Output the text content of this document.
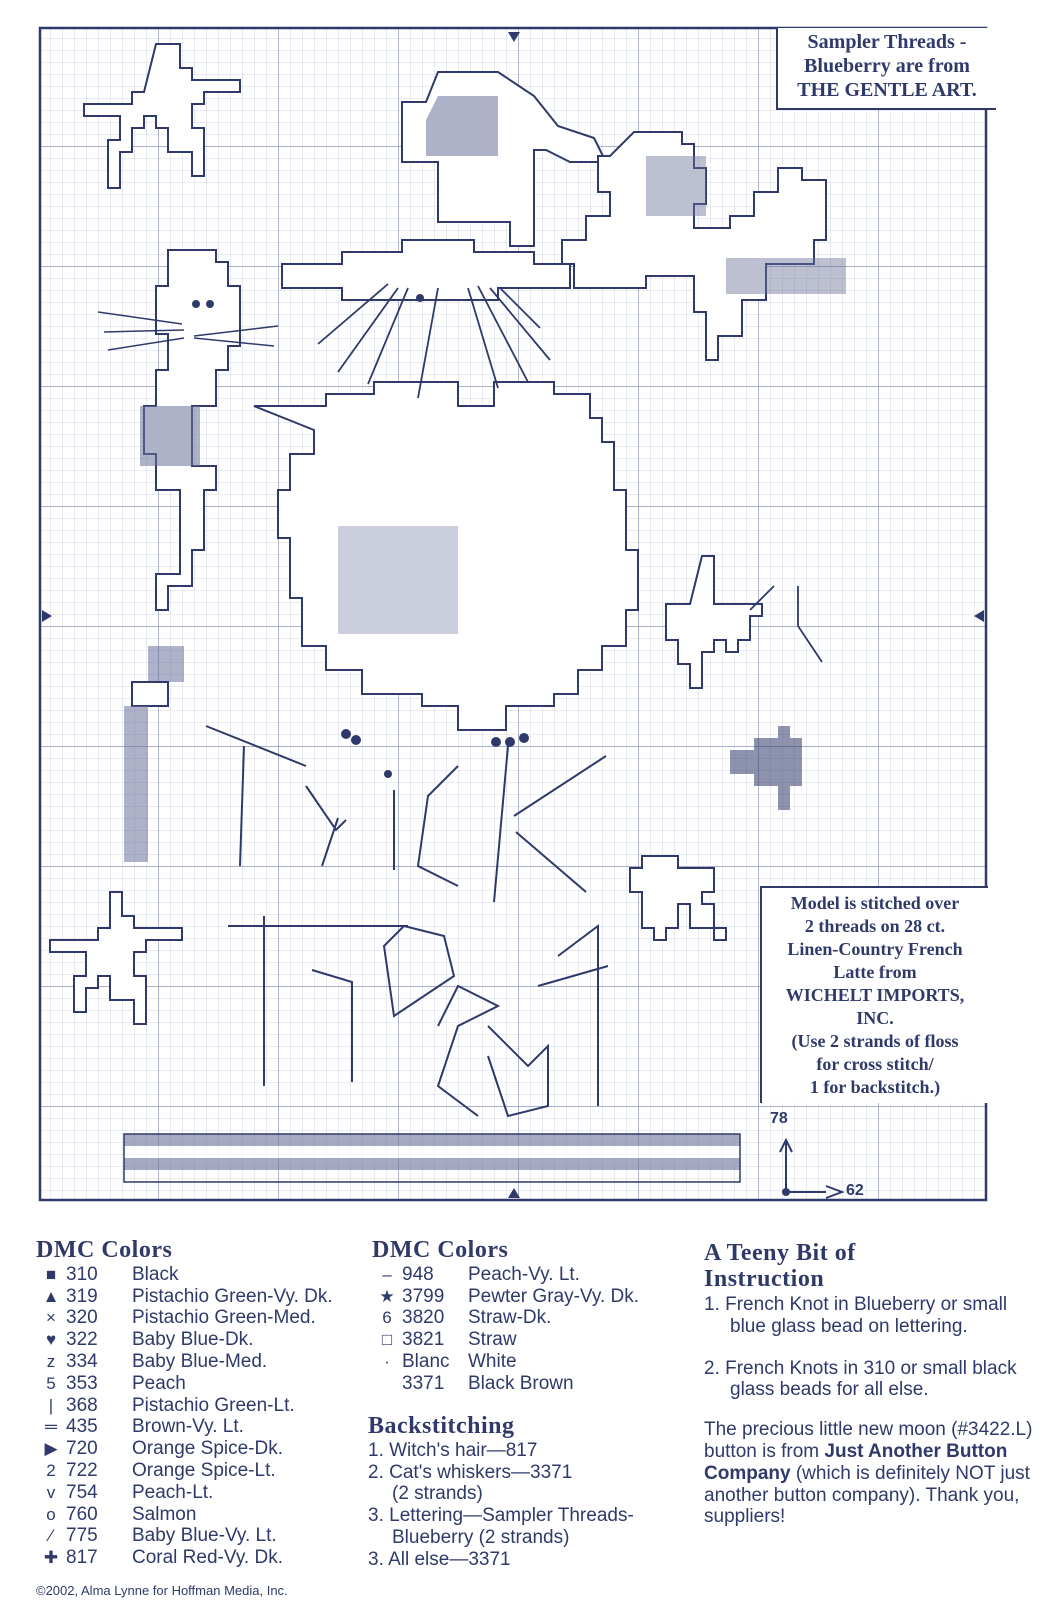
Sampler Threads -
Blueberry are from
THE GENTLE ART.
Model is stitched over
2 threads on 28 ct.
Linen-Country French
Latte from
WICHELT IMPORTS,
INC.
(Use 2 strands of floss
for cross stitch/
1 for backstitch.)
78
62
DMC Colors
■ 310	Black
▲ 319	Pistachio Green-Vy. Dk.
× 320	Pistachio Green-Med.
♥ 322	Baby Blue-Dk.
z 334	Baby Blue-Med.
5 353	Peach
| 368	Pistachio Green-Lt.
═ 435	Brown-Vy. Lt.
▶ 720	Orange Spice-Dk.
2 722	Orange Spice-Lt.
v 754	Peach-Lt.
o 760	Salmon
⁄ 775	Baby Blue-Vy. Lt.
✚ 817	Coral Red-Vy. Dk.
DMC Colors
– 948	Peach-Vy. Lt.
★ 3799	Pewter Gray-Vy. Dk.
6 3820	Straw-Dk.
□ 3821	Straw
· Blanc White
3371	Black Brown
Backstitching
1. Witch's hair—817
2. Cat's whiskers—3371
(2 strands)
3. Lettering—Sampler Threads-
Blueberry (2 strands)
3. All else—3371
A Teeny Bit of
Instruction
1. French Knot in Blueberry or small blue glass bead on lettering.
2. French Knots in 310 or small black glass beads for all else.
The precious little new moon (#3422.L) button is from Just Another Button Company (which is definitely NOT just another button company). Thank you, suppliers!
©2002, Alma Lynne for Hoffman Media, Inc.
